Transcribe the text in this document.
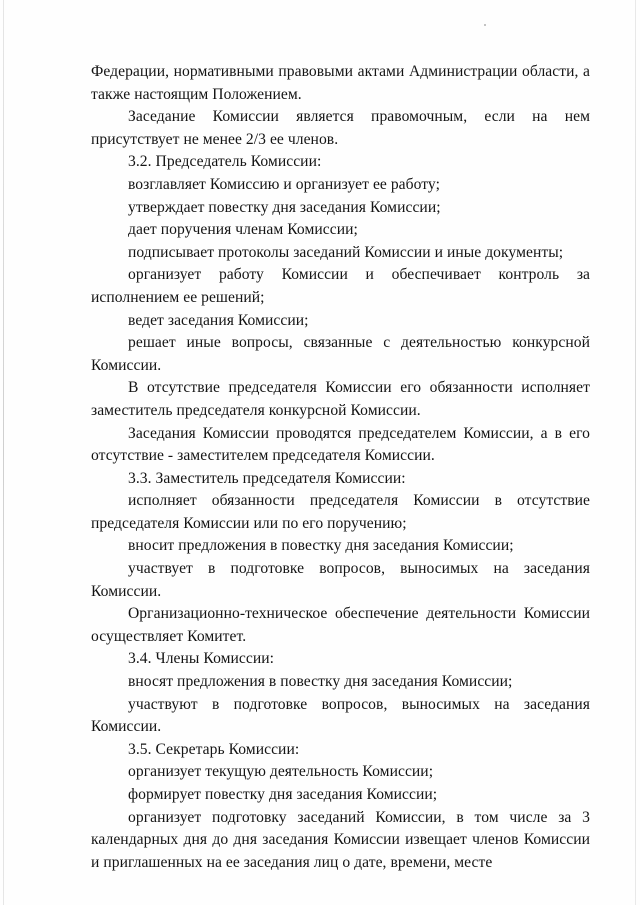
Федерации, нормативными правовыми актами Администрации области, а также настоящим Положением.

Заседание Комиссии является правомочным, если на нем присутствует не менее 2/3 ее членов.

3.2. Председатель Комиссии:

возглавляет Комиссию и организует ее работу;

утверждает повестку дня заседания Комиссии;

дает поручения членам Комиссии;

подписывает протоколы заседаний Комиссии и иные документы;

организует работу Комиссии и обеспечивает контроль за исполнением ее решений;

ведет заседания Комиссии;

решает иные вопросы, связанные с деятельностью конкурсной Комиссии.

В отсутствие председателя Комиссии его обязанности исполняет заместитель председателя конкурсной Комиссии.

Заседания Комиссии проводятся председателем Комиссии, а в его отсутствие - заместителем председателя Комиссии.

3.3. Заместитель председателя Комиссии:

исполняет обязанности председателя Комиссии в отсутствие председателя Комиссии или по его поручению;

вносит предложения в повестку дня заседания Комиссии;

участвует в подготовке вопросов, выносимых на заседания Комиссии.

Организационно-техническое обеспечение деятельности Комиссии осуществляет Комитет.

3.4. Члены Комиссии:

вносят предложения в повестку дня заседания Комиссии;

участвуют в подготовке вопросов, выносимых на заседания Комиссии.

3.5. Секретарь Комиссии:

организует текущую деятельность Комиссии;

формирует повестку дня заседания Комиссии;

организует подготовку заседаний Комиссии, в том числе за 3 календарных дня до дня заседания Комиссии извещает членов Комиссии и приглашенных на ее заседания лиц о дате, времени, месте
